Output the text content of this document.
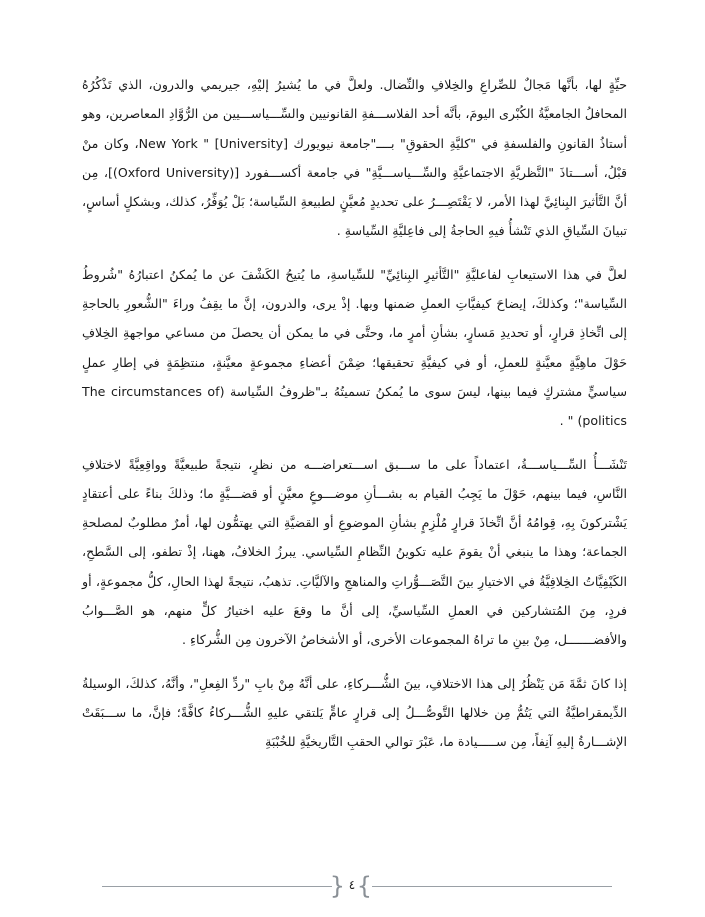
حيِّةٍ لها، بأنَّها مَجالٌ للصِّراعِ والخِلافِ والنِّضال. ولعلَّ في ما يُشيرُ إليْهِ، جيريمي والدرون، الذي تَذْكُرُهُ المحافلُ الجامعيَّةُ الكُبْرى اليومَ، بأنَّه أحد الفلاســـفةِ القانونيين والسِّـــياســـيين من الرُّوَّادِ المعاصرين، وهو أستاذُ القانونِ والفلسفةِ في "كليَّةِ الحقوقِ" بــــ"جامعة نيويورك [New York " [University، وكان منْ قبْلُ، أســـتاذَ "النَّظريَّةِ الاجتماعيَّةِ والسِّـــياســـيَّةِ" في جامعة أكســـفورد [(Oxford University)]، مِن أنَّ التَّأثيرَ البِنائِيَّ لهذا الأمر، لا يَقْتَصِـــرُ على تحديدٍ مُعيَّنٍ لطبيعةِ السِّياسة؛ بَلْ يُوَفِّرُ، كذلك، وبشكلٍ أساسٍ، تبيانَ السِّياقِ الذي تَنْشأُ فيهِ الحاجةُ إلى فاعِليَّةِ السِّياسةِ .

لعلَّ في هذا الاستيعابِ لفاعليَّةِ "التَّأثيرِ البِنائِيِّ" للسِّياسةِ، ما يُتيحُ الكَشْفَ عن ما يُمكنُ اعتبارُهُ "شُروطُ السِّياسة"؛ وكذلكَ، إيضاحَ كيفيَّاتِ العملِ ضمنها وبها. إذْ يرى، والدرون، إنَّ ما يقِفُ وراءَ "الشُّعورِ بالحاجةِ إلى اتِّخاذِ قرارٍ، أو تحديدِ مَسارٍ، بشأنِ أمرٍ ما، وحتَّى في ما يمكن أن يحصلَ من مساعي مواجهةِ الخِلافِ حَوْلَ ماهِيَّةٍ معيَّنةٍ للعملِ، أو في كيفيَّةِ تحقيقها؛ ضِمْنَ أعضاءِ مجموعةٍ معيَّنةٍ، منتظِمَةٍ في إطارِ عملٍ سياسيٍّ مشتركٍ فيما بينها، ليسَ سوى ما يُمكنُ تسميتُهُ بـ"ظروفُ السِّياسة (The circumstances of politics) " .

تَنْشَـــأُ السِّـــياســـةُ، اعتماداً على ما ســـبق اســـتعراضـــه من نظرٍ، نتيجةً طبيعيَّةً وواقِعِيَّةً لاختلافِ النَّاسِ، فيما بينهم، حَوْلَ ما يَجِبُ القيام به بشـــأنِ موضـــوعٍ معيَّنٍ أو قضـــيَّةٍ ما؛ وذلكَ بناءً على أعتقادٍ يَشْتركونَ بِهِ، قِوامُهُ أنَّ اتِّخاذَ قرارٍ مُلْزِمٍ بشأنِ الموضوعِ أو القضيَّةِ التي يهتمُّون لها، أمرٌ مطلوبٌ لمصلحةِ الجماعة؛ وهذا ما ينبغي أنْ يقومَ عليه تكوينُ النِّظامِ السِّياسي. يبرزُ الخلافُ، ههنا، إذْ تطفو، إلى السَّطحِ، الكَيْفِيَّاتُ الخِلافِيَّةُ في الاختيارِ بينَ التَّصَـــوُّراتِ والمناهجِ والآليَّاتِ. تذهبُ، نتيجةً لهذا الحالِ، كلُّ مجموعةٍ، أو فردٍ، مِنَ المُتشاركين في العملِ السِّياسيِّ، إلى أنَّ ما وقعَ عليه اختيارُ كلٍّ منهم، هو الصَّـــوابُ والأفضـــــــل، مِنْ بينِ ما تراهُ المجموعات الأخرى، أو الأشخاصُ الآخرون مِن الشُّركاءِ .

إذا كانَ ثمَّةَ مَن يَنْظُرُ إلى هذا الاختلافِ، بينَ الشُّـــركاءِ، على أنَّهُ مِنْ بابِ "ردِّ الفِعلِ"، وأنَّهُ، كذلكَ، الوسيلةُ الدِّيمقراطيَّةُ التي يَتُمُّ مِن خلالها التَّوصُّـــلُ إلى قرارٍ عامٍّ يَلتقي عليهِ الشُّـــركاءُ كافَّةً؛ فإنَّ، ما ســـبَقَتْ الإشـــارةُ إليهِ آنِفاً، مِن ســـــيادة ما، عَبْرَ توالي الحقبِ التَّاريخيَّةِ للخُبْبَةِ

{ }
٤
